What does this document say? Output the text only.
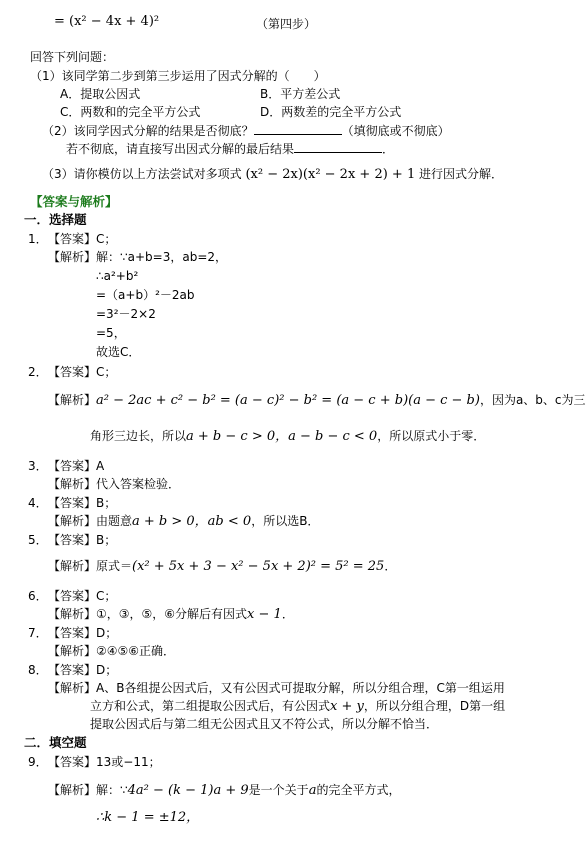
= (x² − 4x + 4)²	（第四步）
回答下列问题：
（1）该同学第二步到第三步运用了因式分解的（　　）
A．提取公因式	B．平方差公式
C．两数和的完全平方公式	D．两数差的完全平方公式
（2）该同学因式分解的结果是否彻底？	（填彻底或不彻底）
若不彻底，请直接写出因式分解的最后结果	．
（3）请你模仿以上方法尝试对多项式 (x² − 2x)(x² − 2x + 2) + 1 进行因式分解．
【答案与解析】
一．选择题
1． 【答案】C；
【解析】 解：∵a+b=3，ab=2，
∴a²+b²
=（a+b）²－2ab
=3²－2×2
=5，
故选C．
2． 【答案】C；
【解析】a² − 2ac + c² − b² = (a − c)² − b² = (a − c + b)(a − c − b)，因为a、b、c为三
角形三边长，所以a + b − c > 0，a − b − c < 0，所以原式小于零．
3． 【答案】A
【解析】代入答案检验．
4． 【答案】B；
【解析】由题意a + b > 0，ab < 0，所以选B．
5． 【答案】B；
【解析】原式＝(x² + 5x + 3 − x² − 5x + 2)² = 5² = 25．
6． 【答案】C；
【解析】①，③，⑤，⑥分解后有因式x − 1．
7． 【答案】D；
【解析】②④⑤⑥正确．
8． 【答案】D；
【解析】A、B各组提公因式后，又有公因式可提取分解，所以分组合理，C第一组运用
立方和公式，第二组提取公因式后，有公因式x + y，所以分组合理，D第一组
提取公因式后与第二组无公因式且又不符公式，所以分解不恰当．
二．填空题
9． 【答案】13或−11；
【解析】解：∵4a² − (k − 1)a + 9是一个关于a的完全平方式，
∴k − 1 = ±12，
